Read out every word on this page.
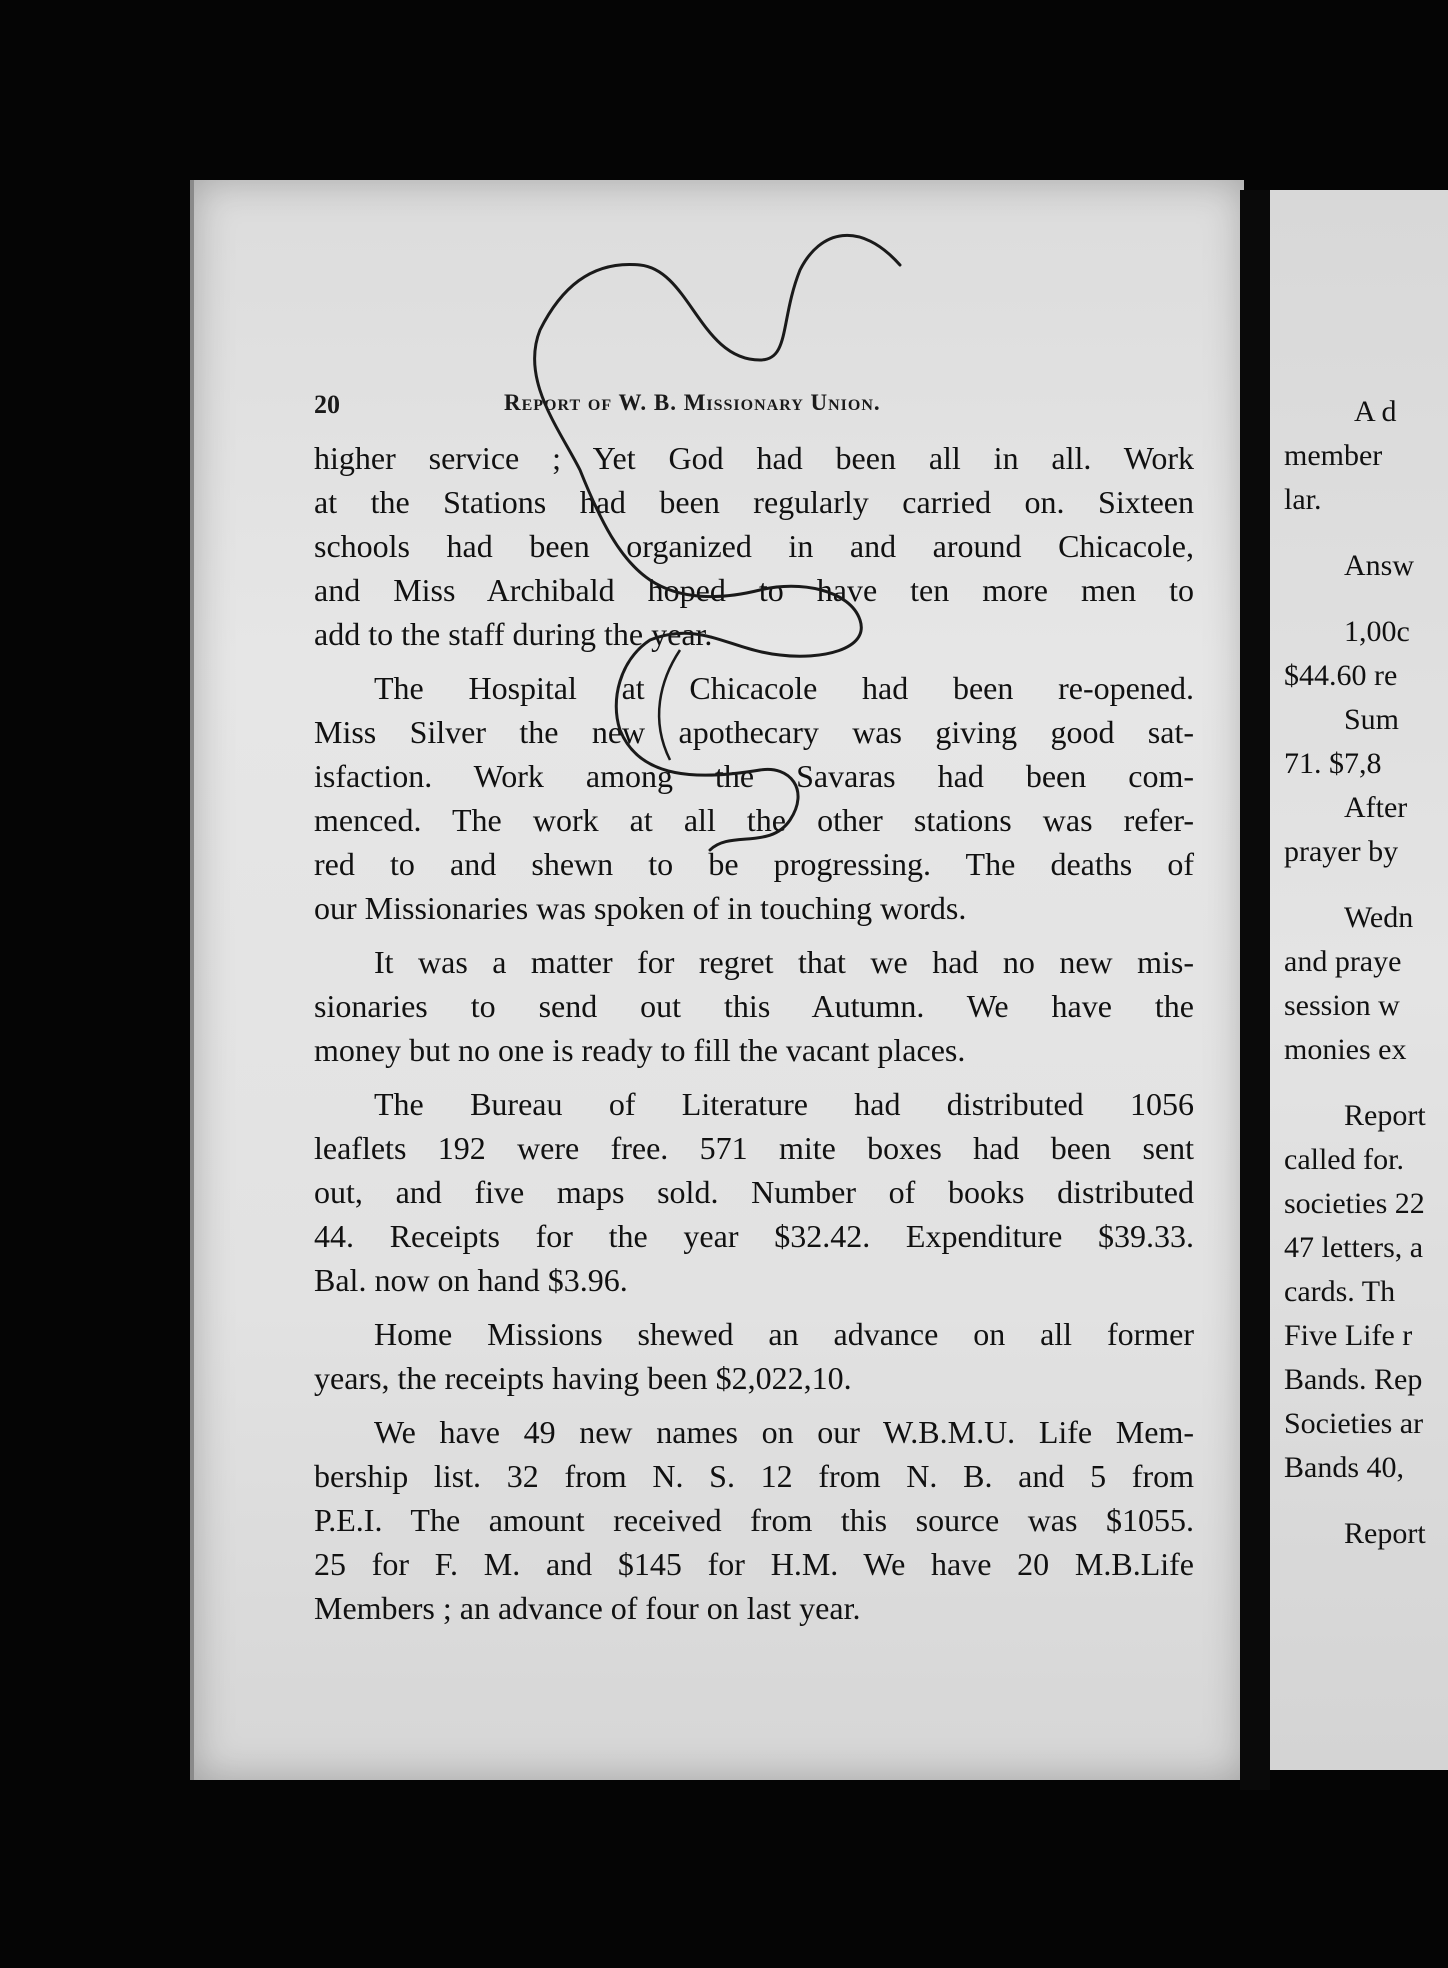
20	Report of W. B. Missionary Union.

higher service ; Yet God had been all in all. Work
at the Stations had been regularly carried on. Sixteen
schools had been organized in and around Chicacole,
and Miss Archibald hoped to have ten more men to
add to the staff during the year.

The Hospital at Chicacole had been re-opened.
Miss Silver the new apothecary was giving good sat-
isfaction. Work among the Savaras had been com-
menced. The work at all the other stations was refer-
red to and shewn to be progressing. The deaths of
our Missionaries was spoken of in touching words.

It was a matter for regret that we had no new mis-
sionaries to send out this Autumn. We have the
money but no one is ready to fill the vacant places.

The Bureau of Literature had distributed 1056
leaflets 192 were free. 571 mite boxes had been sent
out, and five maps sold. Number of books distributed
44. Receipts for the year $32.42. Expenditure $39.33.
Bal. now on hand $3.96.

Home Missions shewed an advance on all former
years, the receipts having been $2,022,10.

We have 49 new names on our W.B.M.U. Life Mem-
bership list. 32 from N. S. 12 from N. B. and 5 from
P.E.I. The amount received from this source was $1055.
25 for F. M. and $145 for H.M. We have 20 M.B.Life
Members ; an advance of four on last year.

A d
member
lar.
Answ
1,00c
$44.60 re
Sum
71. $7,8
After
prayer by
Wedn
and praye
session w
monies ex
Report
called for.
societies 22
47 letters, a
cards. Th
Five Life r
Bands. Rep
Societies ar
Bands 40,
Report
